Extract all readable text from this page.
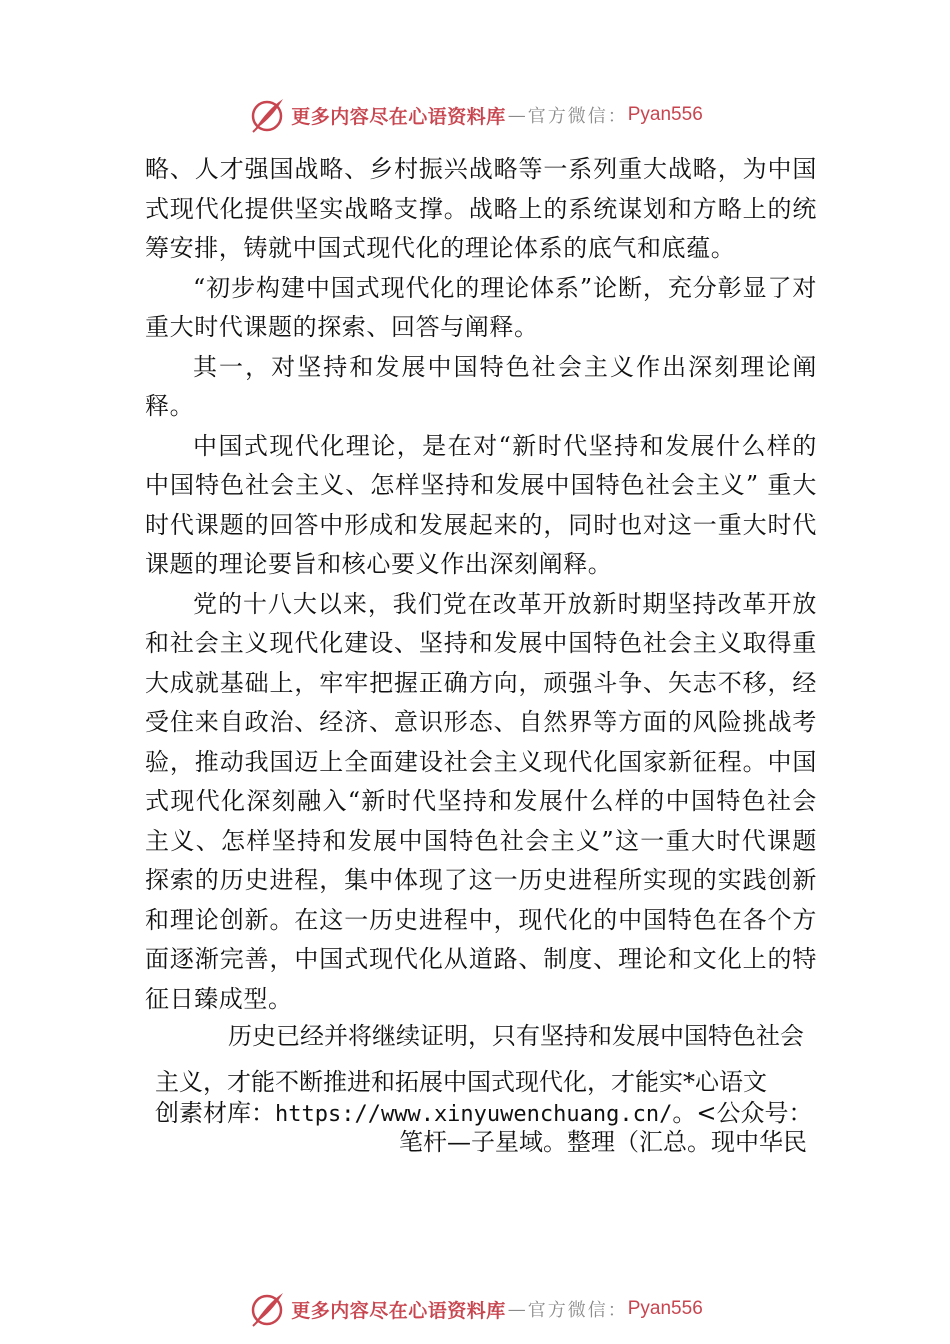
更多内容尽在心语资料库 — 官方微信： Pyan556

略、人才强国战略、乡村振兴战略等一系列重大战略，为中国式现代化提供坚实战略支撑。战略上的系统谋划和方略上的统筹安排，铸就中国式现代化的理论体系的底气和底蕴。

“初步构建中国式现代化的理论体系”论断，充分彰显了对重大时代课题的探索、回答与阐释。

其一，对坚持和发展中国特色社会主义作出深刻理论阐释。

中国式现代化理论，是在对“新时代坚持和发展什么样的中国特色社会主义、怎样坚持和发展中国特色社会主义” 重大时代课题的回答中形成和发展起来的，同时也对这一重大时代课题的理论要旨和核心要义作出深刻阐释。

党的十八大以来，我们党在改革开放新时期坚持改革开放和社会主义现代化建设、坚持和发展中国特色社会主义取得重大成就基础上，牢牢把握正确方向，顽强斗争、矢志不移，经受住来自政治、经济、意识形态、自然界等方面的风险挑战考验，推动我国迈上全面建设社会主义现代化国家新征程。中国式现代化深刻融入“新时代坚持和发展什么样的中国特色社会主义、怎样坚持和发展中国特色社会主义”这一重大时代课题探索的历史进程，集中体现了这一历史进程所实现的实践创新和理论创新。在这一历史进程中，现代化的中国特色在各个方面逐渐完善，中国式现代化从道路、制度、理论和文化上的特征日臻成型。

历史已经并将继续证明，只有坚持和发展中国特色社会
主义，才能不断推进和拓展中国式现代化，才能实*心语文
创素材库：https://www.xinyuwenchuang.cn/。<公众号：
笔杆—子星域。整理（汇总。现中华民
更多内容尽在心语资料库 — 官方微信： Pyan556
